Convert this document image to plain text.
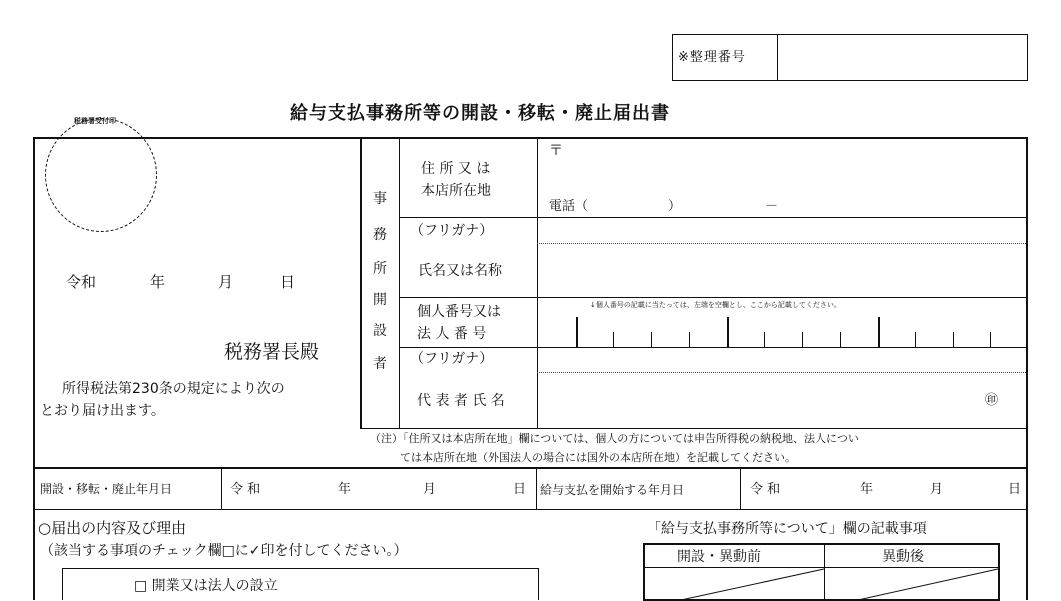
※整理番号
給与支払事務所等の開設・移転・廃止届出書
税務署受付印
令和	年	月	日
税務署長殿
所得税法第230条の規定により次の
とおり届け出ます。
事
務
所
開
設
者
住 所 又 は
本店所在地
〒
電話（	）	－
（フリガナ）
氏名又は名称
個人番号又は
法 人 番 号
↓個人番号の記載に当たっては、左端を空欄とし、ここから記載してください。
（フリガナ）
代 表 者 氏 名	㊞
（注）「住所又は本店所在地」欄については、個人の方については申告所得税の納税地、法人につい
ては本店所在地（外国法人の場合には国外の本店所在地）を記載してください。
開設・移転・廃止年月日	令 和	年	月	日 給与支払を開始する年月日	令 和	年	月	日
○届出の内容及び理由
（該当する事項のチェック欄□に✓印を付してください。）
□ 開業又は法人の設立
「給与支払事務所等について」欄の記載事項
開設・異動前	異動後
